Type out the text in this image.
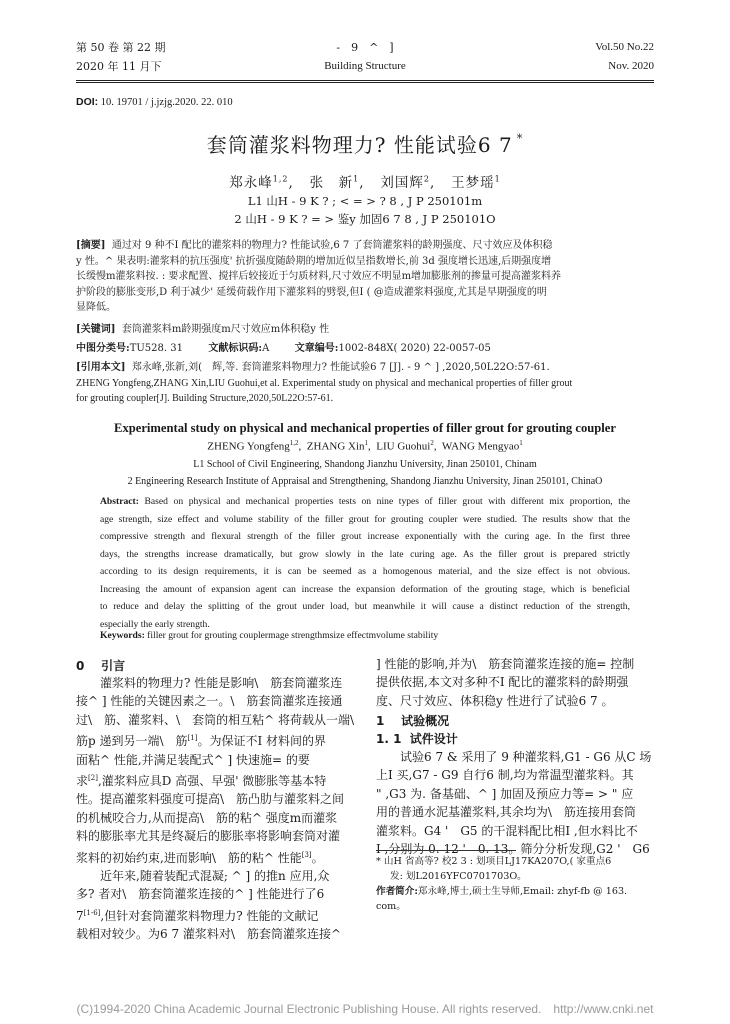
第 50 卷 第 22 期
2020 年 11 月下
-　9　^　]
Building Structure
Vol.50 No.22
Nov. 2020
DOI: 10. 19701 / j.jzjg.2020. 22. 010
套筒灌浆料物理力? 性能试验6 7 *
郑永峰$^{1,2}$,   张　新$^1$,   刘国辉$^2$,   王梦瑶$^1$
L1 山H - 9 K ? ; < = > ? 8 , J P 250101m
2 山H - 9 K ? = > 鉴y 加固6 7 8 , J P 250101O
[摘要] 通过对 9 种不I 配比的灌浆料的物理力? 性能试验,6 7 了套筒灌浆料的龄期强度、尺寸效应及体积稳
y 性。^ 果表明:灌浆料的抗压强度' 抗折强度随龄期的增加近似呈指数增长,前 3d 强度增长迅速,后期强度增
长缓慢m灌浆料按. : 要求配置、搅拌后较接近于匀质材料,尺寸效应不明显m增加膨胀剂的掺量可提高灌浆料养
护阶段的膨胀变形,D 利于减少' 延缓荷载作用下灌浆料的劈裂,但I ( @造成灌浆料强度,尤其是早期强度的明
显降低。
[关键词] 套筒灌浆料m龄期强度m尺寸效应m体积稳y 性
中图分类号:TU528. 31	文献标识码:A	文章编号:1002-848X( 2020) 22-0057-05
[引用本文] 郑永峰,张新,刘(　辉,等. 套筒灌浆料物理力? 性能试验6 7 [J]. - 9 ^ ] ,2020,50L22O:57-61.
ZHENG Yongfeng,ZHANG Xin,LIU Guohui,et al. Experimental study on physical and mechanical properties of filler grout
for grouting coupler[J]. Building Structure,2020,50L22O:57-61.
Experimental study on physical and mechanical properties of filler grout for grouting coupler
ZHENG Yongfeng$^{1,2}$,  ZHANG Xin$^1$,  LIU Guohui$^2$,  WANG Mengyao$^1$
L1 School of Civil Engineering, Shandong Jianzhu University, Jinan 250101, Chinam
2 Engineering Research Institute of Appraisal and Strengthening, Shandong Jianzhu University, Jinan 250101, ChinaO
Abstract: Based on physical and mechanical properties tests on nine types of filler grout with different mix proportion, the
age strength, size effect and volume stability of the filler grout for grouting coupler were studied. The results show that the
compressive strength and flexural strength of the filler grout increase exponentially with the curing age. In the first three
days, the strengths increase dramatically, but grow slowly in the late curing age. As the filler grout is prepared strictly
according to its design requirements, it is can be seemed as a homogenous material, and the size effect is not obvious.
Increasing the amount of expansion agent can increase the expansion deformation of the grouting stage, which is beneficial
to reduce and delay the splitting of the grout under load, but meanwhile it will cause a distinct reduction of the strength,
especially the early strength.
Keywords: filler grout for grouting couplermage strengthmsize effectmvolume stability
0 引言
灌浆料的物理力? 性能是影响\　筋套筒灌浆连
接^ ] 性能的关键因素之一。\　筋套筒灌浆连接通
过\　筋、灌浆料、\　套筒的相互粘^ 将荷载从一端\
筋p 递到另一端\　筋[1]。为保证不I 材料间的界
面粘^ 性能,并满足装配式^ ] 快速施= 的要
求[2],灌浆料应具D 高强、早强' 微膨胀等基本特
性。提高灌浆料强度可提高\　筋凸肋与灌浆料之间
的机械咬合力,从而提高\　筋的粘^ 强度m而灌浆
料的膨胀率尤其是终凝后的膨胀率将影响套筒对灌
浆料的初始约束,进而影响\　筋的粘^ 性能[3]。
近年来,随着装配式混凝; ^ ] 的推n 应用,众
多? 者对\　筋套筒灌浆连接的^ ] 性能进行了6
7[1-6],但针对套筒灌浆料物理力? 性能的文献记
载相对较少。为6 7 灌浆料对\　筋套筒灌浆连接^
] 性能的影响,并为\　筋套筒灌浆连接的施= 控制
提供依据,本文对多种不I 配比的灌浆料的龄期强
度、尺寸效应、体积稳y 性进行了试验6 7 。
1 试验概况
1. 1 试件设计
试验6 7 & 采用了 9 种灌浆料,G1 - G6 从C 场
上I 买,G7 - G9 自行6 制,均为常温型灌浆料。其
" ,G3 为. 备基础、^ ] 加固及预应力等= > " 应
用的普通水泥基灌浆料,其余均为\　筋连接用套筒
灌浆料。G4 '　G5 的干混料配比相I ,但水料比不
I ,分别为 0. 12 '　0. 13。筛分分析发现,G2 '　G6
* 山H 省高等? 校2 3 : 划项目LJ17KA207O,( 家重点6
发: 划L2016YFC0701703O。
作者简介:郑永峰,博士,硕士生导师,Email: zhyf-fb @ 163.
com。
(C)1994-2020 China Academic Journal Electronic Publishing House. All rights reserved.　http://www.cnki.net
